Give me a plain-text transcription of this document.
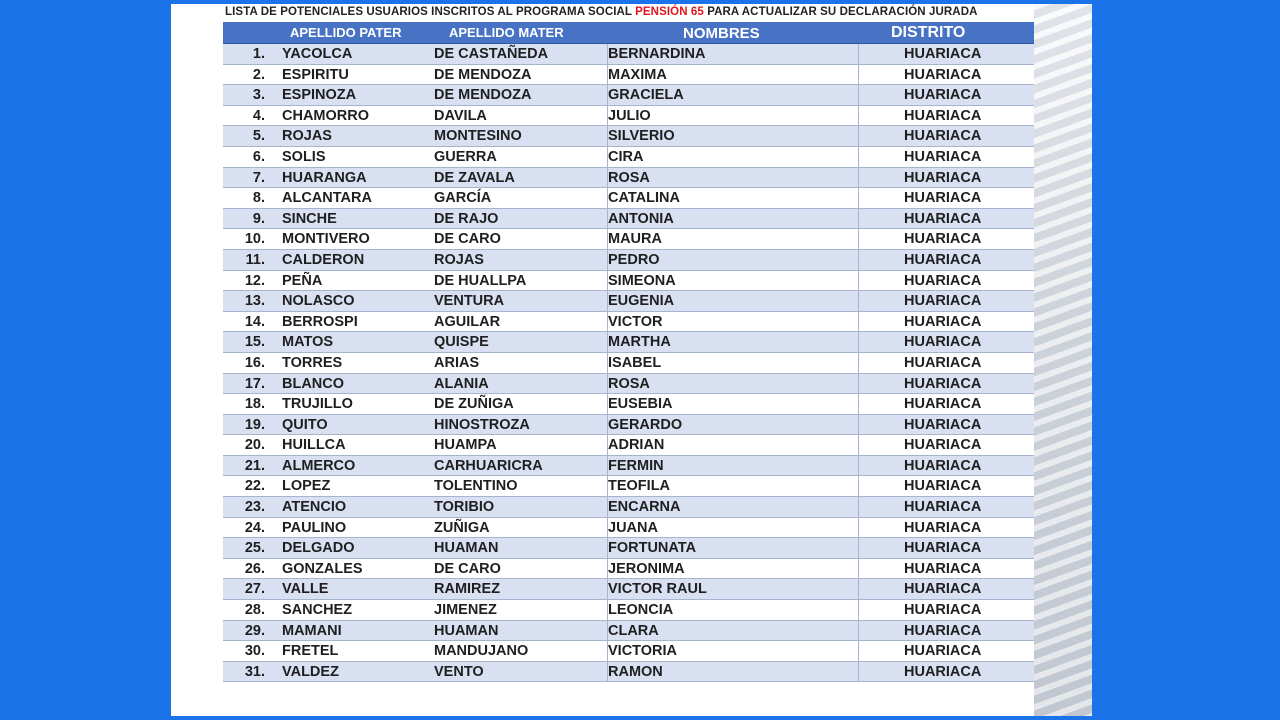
LISTA DE POTENCIALES USUARIOS INSCRITOS AL PROGRAMA SOCIAL PENSIÓN 65 PARA ACTUALIZAR SU DECLARACIÓN JURADA
APELLIDO PATER	APELLIDO MATER	NOMBRES	DISTRITO
1. YACOLCA	DE CASTAÑEDA	BERNARDINA	HUARIACA
2. ESPIRITU	DE MENDOZA	MAXIMA	HUARIACA
3. ESPINOZA	DE MENDOZA	GRACIELA	HUARIACA
4. CHAMORRO	DAVILA	JULIO	HUARIACA
5. ROJAS	MONTESINO	SILVERIO	HUARIACA
6. SOLIS	GUERRA	CIRA	HUARIACA
7. HUARANGA	DE ZAVALA	ROSA	HUARIACA
8. ALCANTARA	GARCÍA	CATALINA	HUARIACA
9. SINCHE	DE RAJO	ANTONIA	HUARIACA
10. MONTIVERO	DE CARO	MAURA	HUARIACA
11. CALDERON	ROJAS	PEDRO	HUARIACA
12. PEÑA	DE HUALLPA	SIMEONA	HUARIACA
13. NOLASCO	VENTURA	EUGENIA	HUARIACA
14. BERROSPI	AGUILAR	VICTOR	HUARIACA
15. MATOS	QUISPE	MARTHA	HUARIACA
16. TORRES	ARIAS	ISABEL	HUARIACA
17. BLANCO	ALANIA	ROSA	HUARIACA
18. TRUJILLO	DE ZUÑIGA	EUSEBIA	HUARIACA
19. QUITO	HINOSTROZA	GERARDO	HUARIACA
20. HUILLCA	HUAMPA	ADRIAN	HUARIACA
21. ALMERCO	CARHUARICRA	FERMIN	HUARIACA
22. LOPEZ	TOLENTINO	TEOFILA	HUARIACA
23. ATENCIO	TORIBIO	ENCARNA	HUARIACA
24. PAULINO	ZUÑIGA	JUANA	HUARIACA
25. DELGADO	HUAMAN	FORTUNATA	HUARIACA
26. GONZALES	DE CARO	JERONIMA	HUARIACA
27. VALLE	RAMIREZ	VICTOR RAUL	HUARIACA
28. SANCHEZ	JIMENEZ	LEONCIA	HUARIACA
29. MAMANI	HUAMAN	CLARA	HUARIACA
30. FRETEL	MANDUJANO	VICTORIA	HUARIACA
31. VALDEZ	VENTO	RAMON	HUARIACA
